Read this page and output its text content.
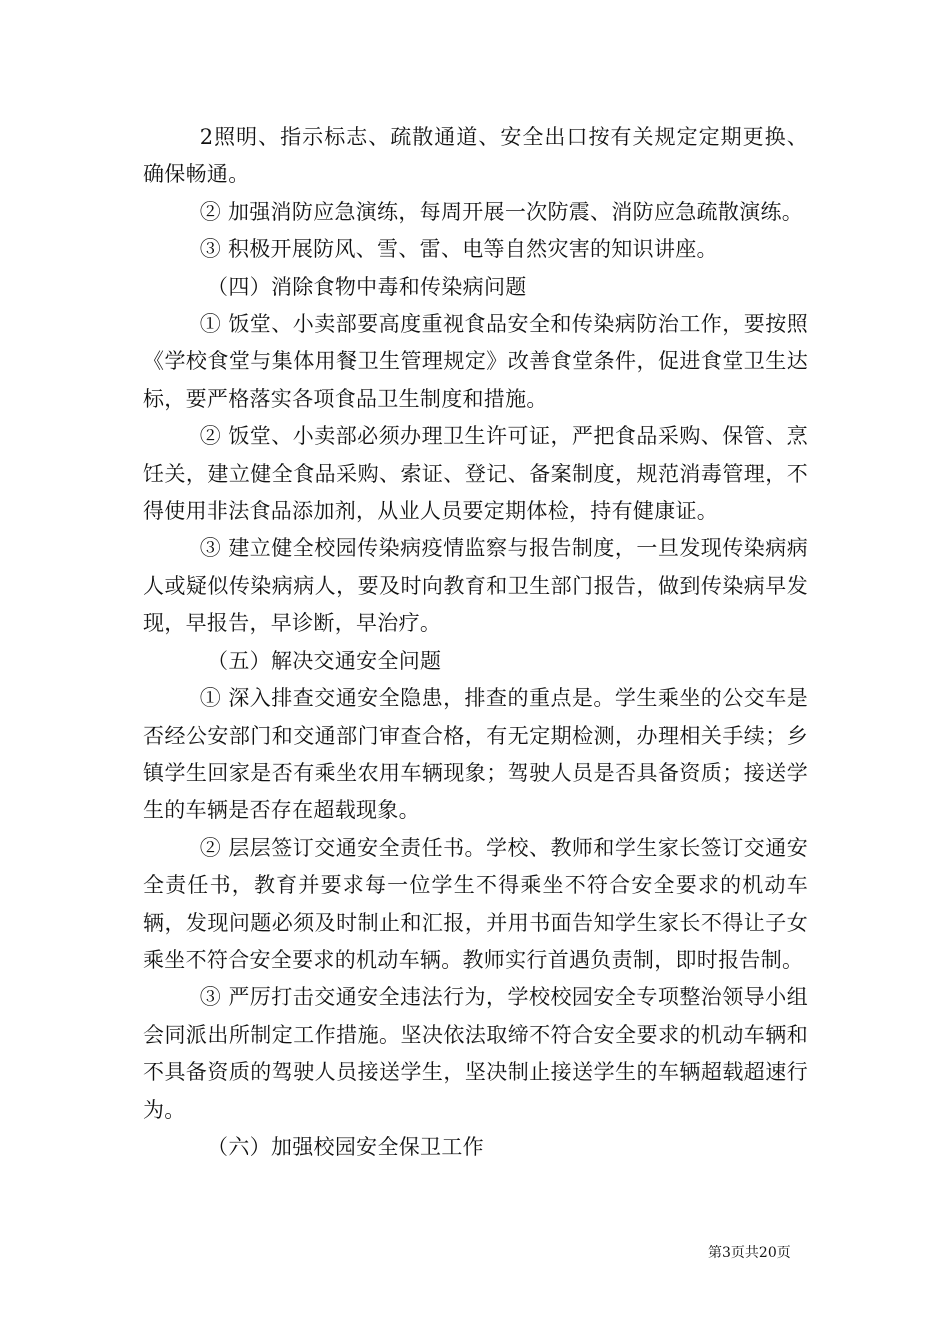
2照明、指示标志、疏散通道、安全出口按有关规定定期更换、确保畅通。

② 加强消防应急演练，每周开展一次防震、消防应急疏散演练。

③ 积极开展防风、雪、雷、电等自然灾害的知识讲座。

（四）消除食物中毒和传染病问题

① 饭堂、小卖部要高度重视食品安全和传染病防治工作，要按照《学校食堂与集体用餐卫生管理规定》改善食堂条件，促进食堂卫生达标，要严格落实各项食品卫生制度和措施。

② 饭堂、小卖部必须办理卫生许可证，严把食品采购、保管、烹饪关，建立健全食品采购、索证、登记、备案制度，规范消毒管理，不得使用非法食品添加剂，从业人员要定期体检，持有健康证。

③ 建立健全校园传染病疫情监察与报告制度，一旦发现传染病病人或疑似传染病病人，要及时向教育和卫生部门报告，做到传染病早发现，早报告，早诊断，早治疗。

（五）解决交通安全问题

① 深入排查交通安全隐患，排查的重点是。学生乘坐的公交车是否经公安部门和交通部门审查合格，有无定期检测，办理相关手续；乡镇学生回家是否有乘坐农用车辆现象；驾驶人员是否具备资质；接送学生的车辆是否存在超载现象。

② 层层签订交通安全责任书。学校、教师和学生家长签订交通安全责任书，教育并要求每一位学生不得乘坐不符合安全要求的机动车辆，发现问题必须及时制止和汇报，并用书面告知学生家长不得让子女乘坐不符合安全要求的机动车辆。教师实行首遇负责制，即时报告制。

③ 严厉打击交通安全违法行为，学校校园安全专项整治领导小组会同派出所制定工作措施。坚决依法取缔不符合安全要求的机动车辆和不具备资质的驾驶人员接送学生，坚决制止接送学生的车辆超载超速行为。

（六）加强校园安全保卫工作

第3页共20页
